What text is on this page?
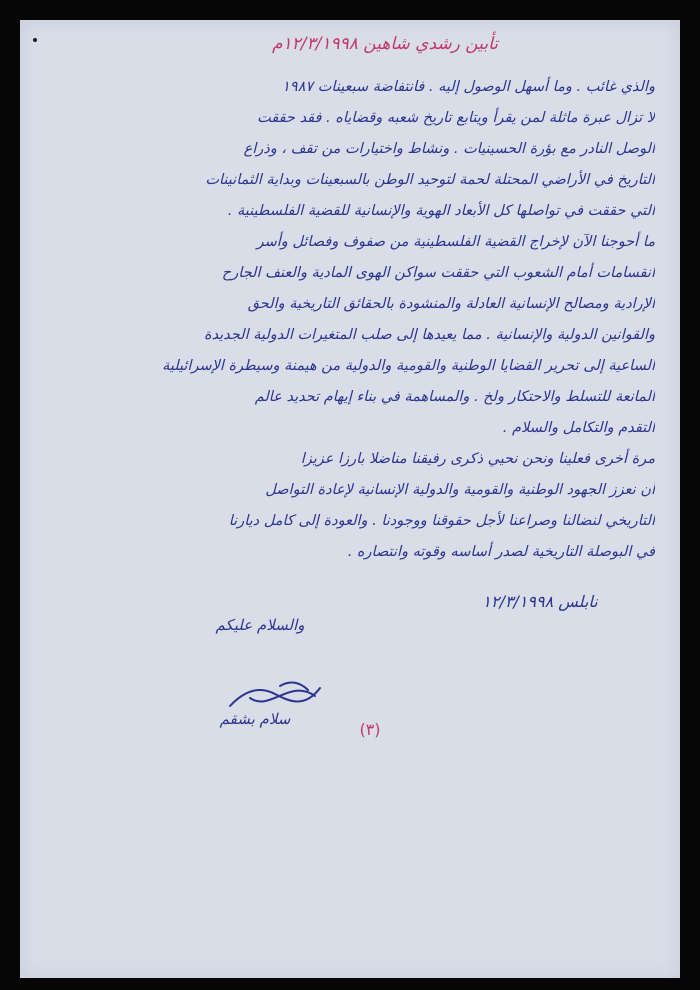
تأبين رشدي شاهين ١٢/٣/١٩٩٨م
والذي غائب . وما أسهل الوصول إليه . فانتفاضة سبعينات ١٩٨٧
لا تزال عبرة ماثلة لمن يقرأ ويتابع تاريخ شعبه وقضاياه . فقد حققت
الوصل النادر مع بؤرة الحسينيات . ونشاط واختيارات من تقف ، وذراع
التاريخ في الأراضي المحتلة لحمة لتوحيد الوطن بالسبعينات وبداية الثمانينات
التي حققت في تواصلها كل الأبعاد الهوية والإنسانية للقضية الفلسطينية .
ما أحوجنا الآن لإخراج القضية الفلسطينية من صفوف وفصائل وأسر
انقسامات أمام الشعوب التي حققت سواكن الهوى المادية والعنف الجارح
الإرادية ومصالح الإنسانية العادلة والمنشودة بالحقائق التاريخية والحق
والقوانين الدولية والإنسانية . مما يعيدها إلى صلب المتغيرات الدولية الجديدة
الساعية إلى تحرير القضايا الوطنية والقومية والدولية من هيمنة وسيطرة الإسرائيلية
المانعة للتسلط والاحتكار ولخ . والمساهمة في بناء إيهام تحديد عالم
التقدم والتكامل والسلام .
مرة أخرى فعلينا ونحن نحيي ذكرى رفيقنا مناضلا بارزا عزيزا
أن نعزز الجهود الوطنية والقومية والدولية الإنسانية لإعادة التواصل
التاريخي لنضالنا وصراعنا لأجل حقوقنا ووجودنا . والعودة إلى كامل ديارنا
في البوصلة التاريخية لصدر أساسه وقوته وانتصاره .
نابلس ١٢/٣/١٩٩٨
والسلام عليكم
سلام بشقم
(٣)
